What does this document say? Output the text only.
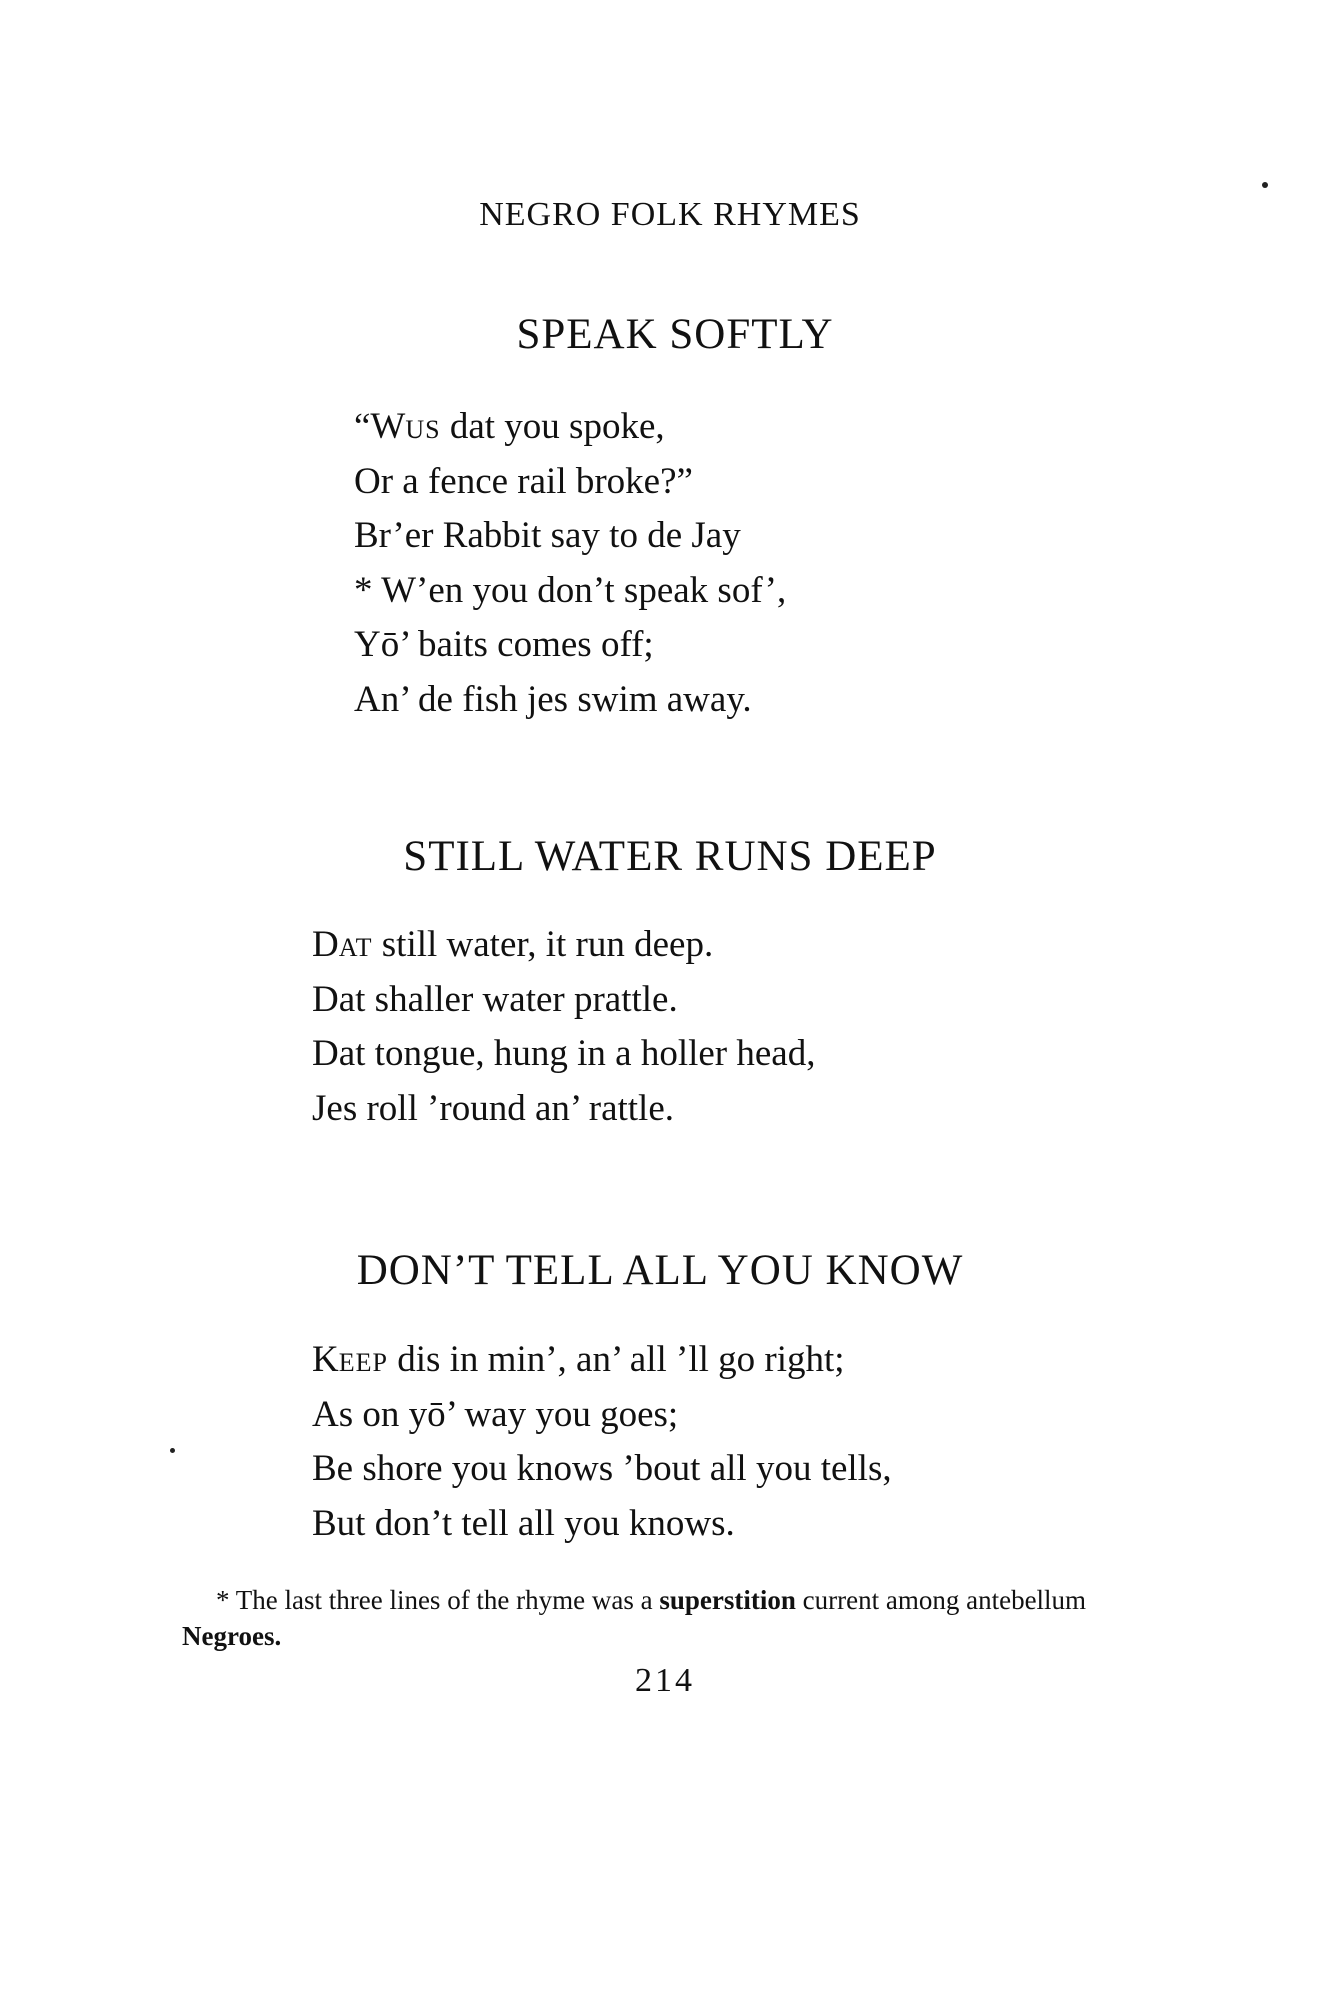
NEGRO FOLK RHYMES
SPEAK SOFTLY
“Wus dat you spoke,
Or a fence rail broke?”
Br’er Rabbit say to de Jay
* W’en you don’t speak sof’,
Yō’ baits comes off;
An’ de fish jes swim away.
STILL WATER RUNS DEEP
Dat still water, it run deep.
Dat shaller water prattle.
Dat tongue, hung in a holler head,
Jes roll ’round an’ rattle.
DON’T TELL ALL YOU KNOW
Keep dis in min’, an’ all ’ll go right;
As on yō’ way you goes;
Be shore you knows ’bout all you tells,
But don’t tell all you knows.
* The last three lines of the rhyme was a superstition current among antebellum Negroes.
214
